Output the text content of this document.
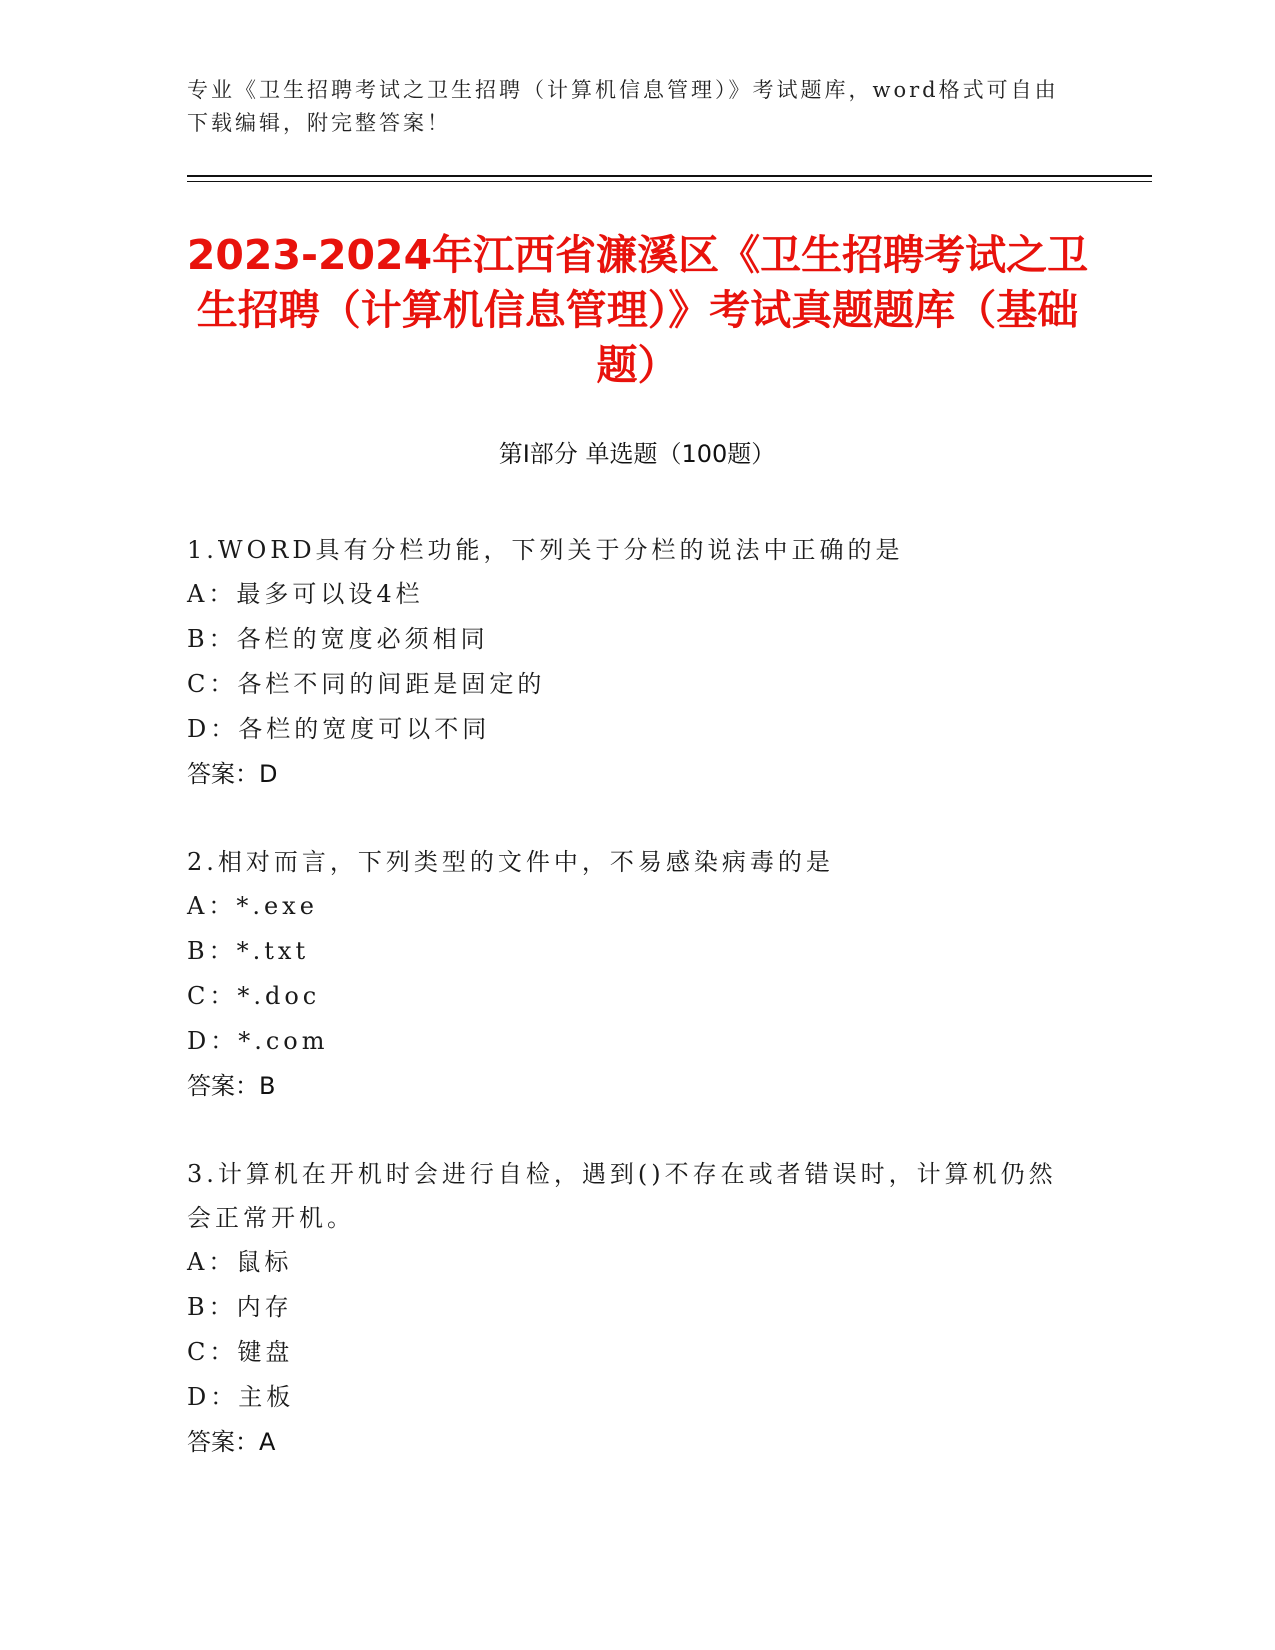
专业《卫生招聘考试之卫生招聘（计算机信息管理）》考试题库，word格式可自由下载编辑，附完整答案！
2023-2024年江西省濂溪区《卫生招聘考试之卫生招聘（计算机信息管理）》考试真题题库（基础题）
第Ⅰ部分 单选题（100题）
1.WORD具有分栏功能，下列关于分栏的说法中正确的是
A：最多可以设4栏
B：各栏的宽度必须相同
C：各栏不同的间距是固定的
D：各栏的宽度可以不同
答案：D
2.相对而言，下列类型的文件中，不易感染病毒的是
A：*.exe
B：*.txt
C：*.doc
D：*.com
答案：B
3.计算机在开机时会进行自检，遇到()不存在或者错误时，计算机仍然会正常开机。
A：鼠标
B：内存
C：键盘
D：主板
答案：A
